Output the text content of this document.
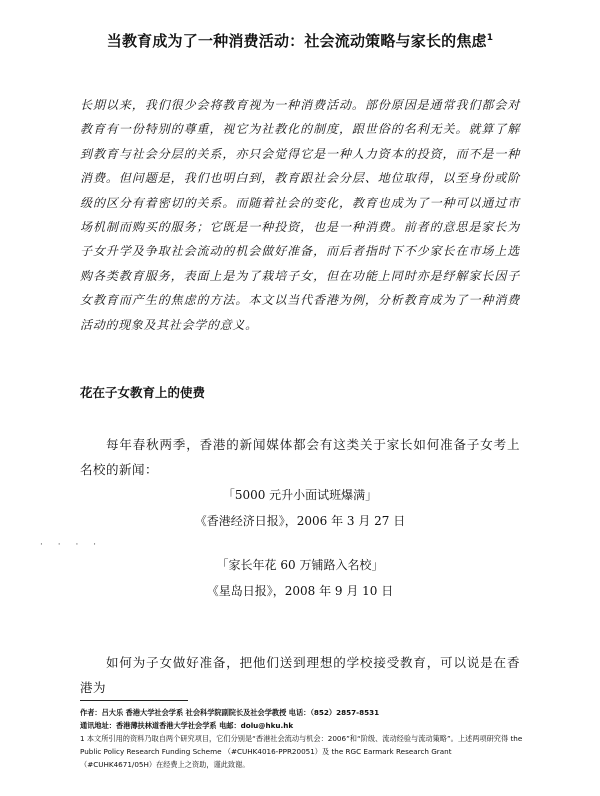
当教育成为了一种消费活动：社会流动策略与家长的焦虑$^1$
长期以来，我们很少会将教育视为一种消费活动。部份原因是通常我们都会对教育有一份特别的尊重，视它为社教化的制度，跟世俗的名利无关。就算了解到教育与社会分层的关系，亦只会觉得它是一种人力资本的投资，而不是一种消费。但问题是，我们也明白到，教育跟社会分层、地位取得，以至身份或阶级的区分有着密切的关系。而随着社会的变化，教育也成为了一种可以通过市场机制而购买的服务；它既是一种投资，也是一种消费。前者的意思是家长为子女升学及争取社会流动的机会做好准备，而后者指时下不少家长在市场上选购各类教育服务，表面上是为了栽培子女，但在功能上同时亦是纾解家长因子女教育而产生的焦虑的方法。本文以当代香港为例，分析教育成为了一种消费活动的现象及其社会学的意义。
花在子女教育上的使费
每年春秋两季，香港的新闻媒体都会有这类关于家长如何准备子女考上名校的新闻：
「5000 元升小面试班爆满」
《香港经济日报》，2006 年 3 月 27 日
· · · ·
「家长年花 60 万铺路入名校」
《星岛日报》，2008 年 9 月 10 日
如何为子女做好准备，把他们送到理想的学校接受教育，可以说是在香港为
作者：吕大乐 香港大学社会学系 社会科学院副院长及社会学教授 电话：（852）2857-8531
通讯地址：香港薄扶林道香港大学社会学系 电邮：dolu@hku.hk
1 本文所引用的资料乃取自两个研究项目，它们分别是“香港社会流动与机会：2006”和“阶级、流动经验与流动策略”。上述两项研究得 the Public Policy Research Funding Scheme （#CUHK4016-PPR20051）及 the RGC Earmark Research Grant （#CUHK4671/05H）在经费上之资助，谨此致谢。
